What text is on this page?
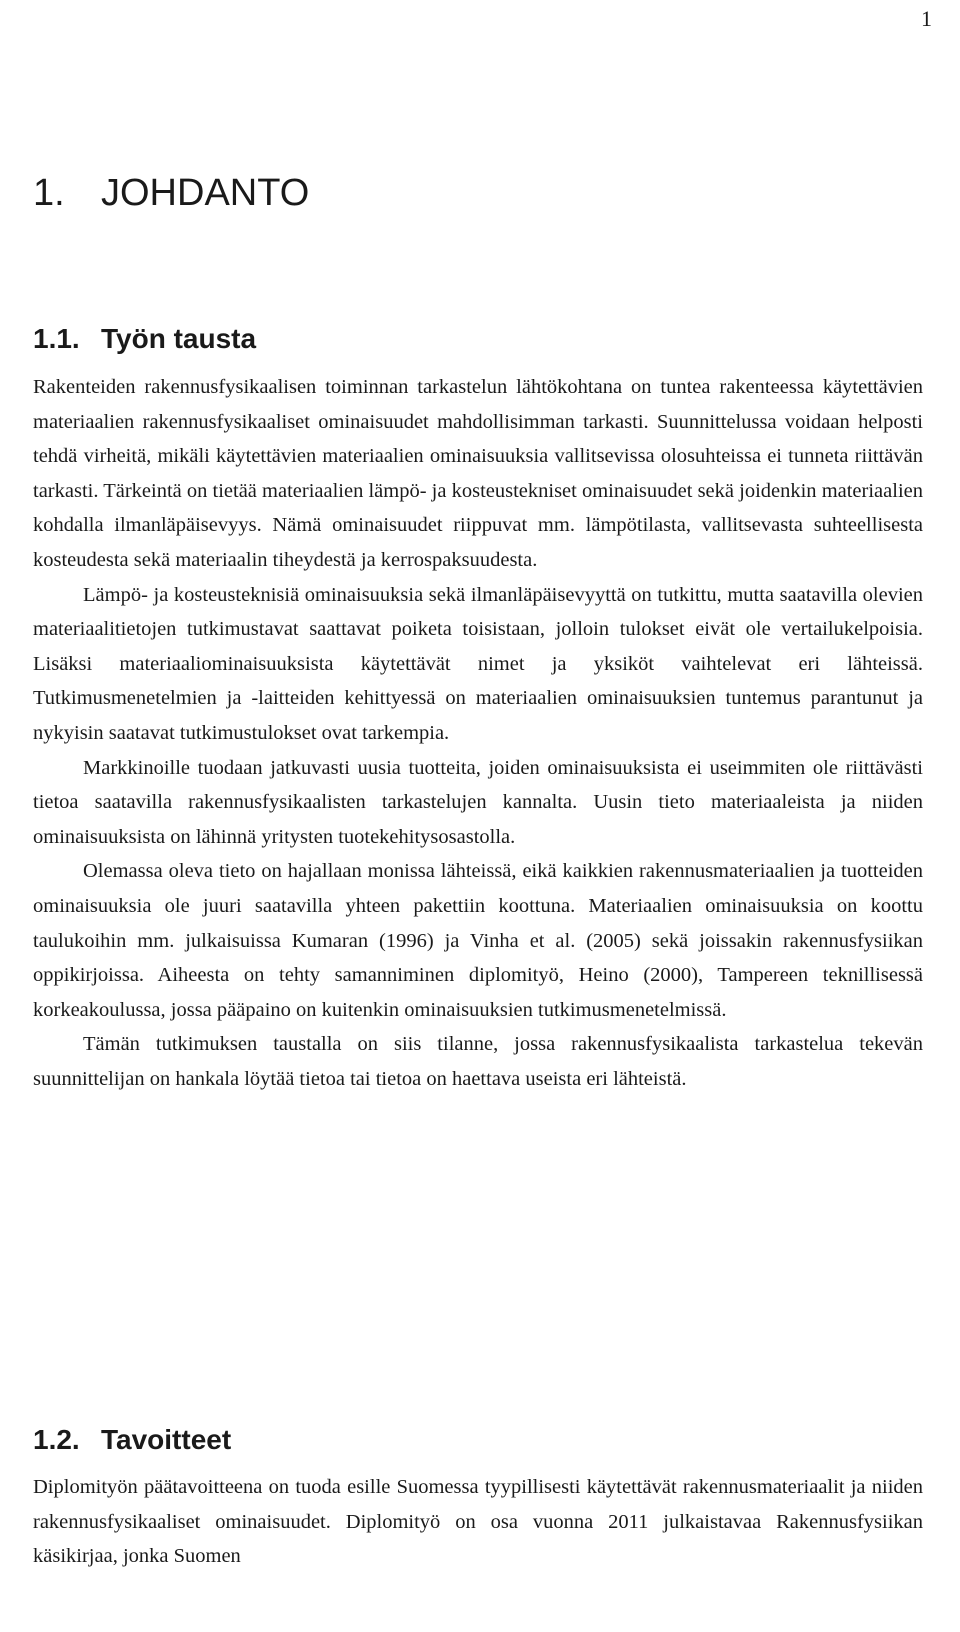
1
1. JOHDANTO
1.1. Työn tausta

Rakenteiden rakennusfysikaalisen toiminnan tarkastelun lähtökohtana on tuntea rakenteessa käytettävien materiaalien rakennusfysikaaliset ominaisuudet mahdollisimman tarkasti. Suunnittelussa voidaan helposti tehdä virheitä, mikäli käytettävien materiaalien ominaisuuksia vallitsevissa olosuhteissa ei tunneta riittävän tarkasti. Tärkeintä on tietää materiaalien lämpö- ja kosteustekniset ominaisuudet sekä joidenkin materiaalien kohdalla ilmanläpäisevyys. Nämä ominaisuudet riippuvat mm. lämpötilasta, vallitsevasta suhteellisesta kosteudesta sekä materiaalin tiheydestä ja kerrospaksuudesta.

Lämpö- ja kosteusteknisiä ominaisuuksia sekä ilmanläpäisevyyttä on tutkittu, mutta saatavilla olevien materiaalitietojen tutkimustavat saattavat poiketa toisistaan, jolloin tulokset eivät ole vertailukelpoisia. Lisäksi materiaaliominaisuuksista käytettävät nimet ja yksiköt vaihtelevat eri lähteissä. Tutkimusmenetelmien ja -laitteiden kehittyessä on materiaalien ominaisuuksien tuntemus parantunut ja nykyisin saatavat tutkimustulokset ovat tarkempia.

Markkinoille tuodaan jatkuvasti uusia tuotteita, joiden ominaisuuksista ei useimmiten ole riittävästi tietoa saatavilla rakennusfysikaalisten tarkastelujen kannalta. Uusin tieto materiaaleista ja niiden ominaisuuksista on lähinnä yritysten tuotekehitysosastolla.

Olemassa oleva tieto on hajallaan monissa lähteissä, eikä kaikkien rakennusmateriaalien ja tuotteiden ominaisuuksia ole juuri saatavilla yhteen pakettiin koottuna. Materiaalien ominaisuuksia on koottu taulukoihin mm. julkaisuissa Kumaran (1996) ja Vinha et al. (2005) sekä joissakin rakennusfysiikan oppikirjoissa. Aiheesta on tehty samanniminen diplomityö, Heino (2000), Tampereen teknillisessä korkeakoulussa, jossa pääpaino on kuitenkin ominaisuuksien tutkimusmenetelmissä.

Tämän tutkimuksen taustalla on siis tilanne, jossa rakennusfysikaalista tarkastelua tekevän suunnittelijan on hankala löytää tietoa tai tietoa on haettava useista eri lähteistä.

1.2. Tavoitteet

Diplomityön päätavoitteena on tuoda esille Suomessa tyypillisesti käytettävät rakennusmateriaalit ja niiden rakennusfysikaaliset ominaisuudet. Diplomityö on osa vuonna 2011 julkaistavaa Rakennusfysiikan käsikirjaa, jonka Suomen
